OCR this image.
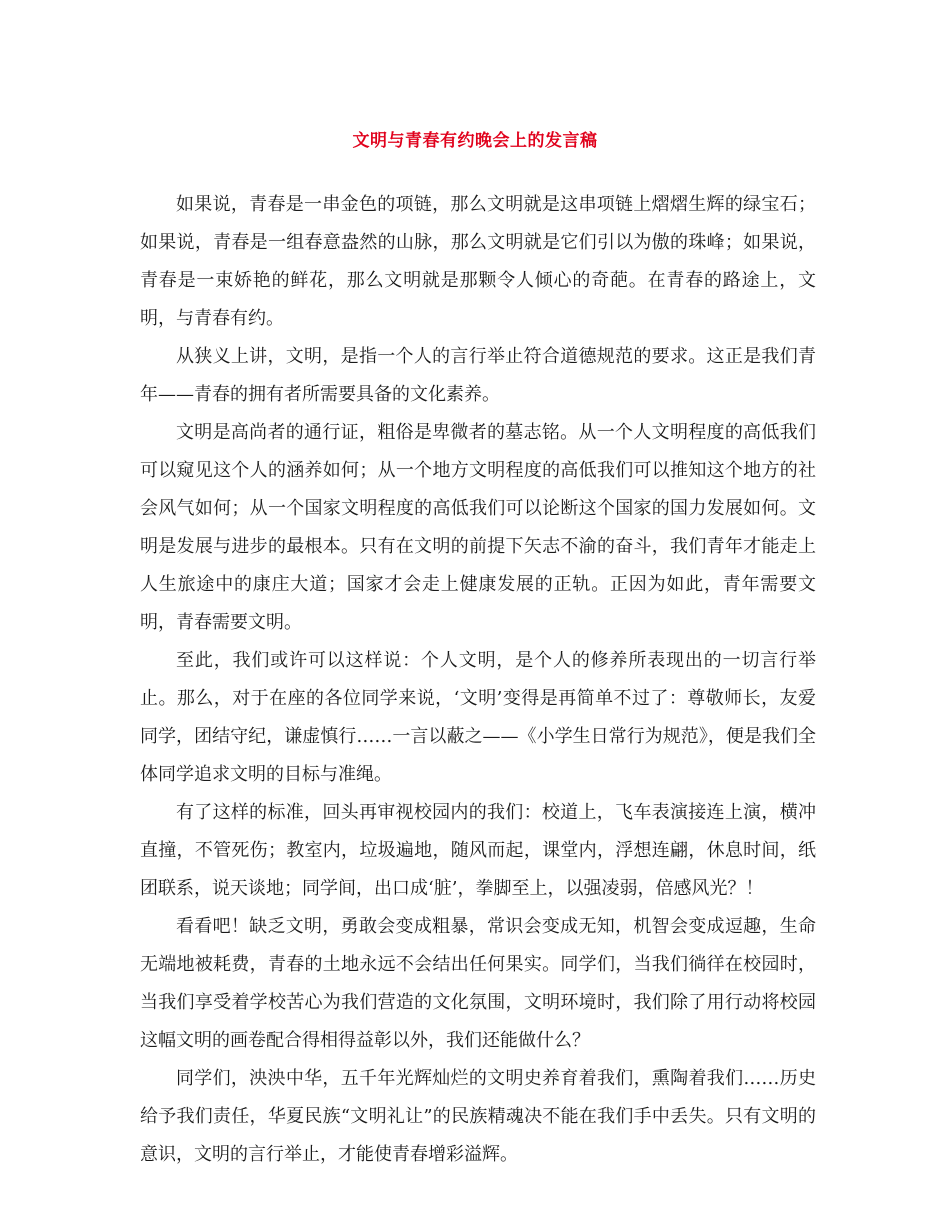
文明与青春有约晚会上的发言稿

如果说，青春是一串金色的项链，那么文明就是这串项链上熠熠生辉的绿宝石；如果说，青春是一组春意盎然的山脉，那么文明就是它们引以为傲的珠峰；如果说，青春是一束娇艳的鲜花，那么文明就是那颗令人倾心的奇葩。在青春的路途上，文明，与青春有约。

从狭义上讲，文明，是指一个人的言行举止符合道德规范的要求。这正是我们青年——青春的拥有者所需要具备的文化素养。

文明是高尚者的通行证，粗俗是卑微者的墓志铭。从一个人文明程度的高低我们可以窥见这个人的涵养如何；从一个地方文明程度的高低我们可以推知这个地方的社会风气如何；从一个国家文明程度的高低我们可以论断这个国家的国力发展如何。文明是发展与进步的最根本。只有在文明的前提下矢志不渝的奋斗，我们青年才能走上人生旅途中的康庄大道；国家才会走上健康发展的正轨。正因为如此，青年需要文明，青春需要文明。

至此，我们或许可以这样说：个人文明，是个人的修养所表现出的一切言行举止。那么，对于在座的各位同学来说，‘文明’变得是再简单不过了：尊敬师长，友爱同学，团结守纪，谦虚慎行……一言以蔽之——《小学生日常行为规范》，便是我们全体同学追求文明的目标与准绳。

有了这样的标准，回头再审视校园内的我们：校道上，飞车表演接连上演，横冲直撞，不管死伤；教室内，垃圾遍地，随风而起，课堂内，浮想连翩，休息时间，纸团联系，说天谈地；同学间，出口成‘脏’，拳脚至上，以强凌弱，倍感风光？！

看看吧！缺乏文明，勇敢会变成粗暴，常识会变成无知，机智会变成逗趣，生命无端地被耗费，青春的土地永远不会结出任何果实。同学们，当我们徜徉在校园时，当我们享受着学校苦心为我们营造的文化氛围，文明环境时，我们除了用行动将校园这幅文明的画卷配合得相得益彰以外，我们还能做什么？

同学们，泱泱中华，五千年光辉灿烂的文明史养育着我们，熏陶着我们……历史给予我们责任，华夏民族“文明礼让”的民族精魂决不能在我们手中丢失。只有文明的意识，文明的言行举止，才能使青春增彩溢辉。
